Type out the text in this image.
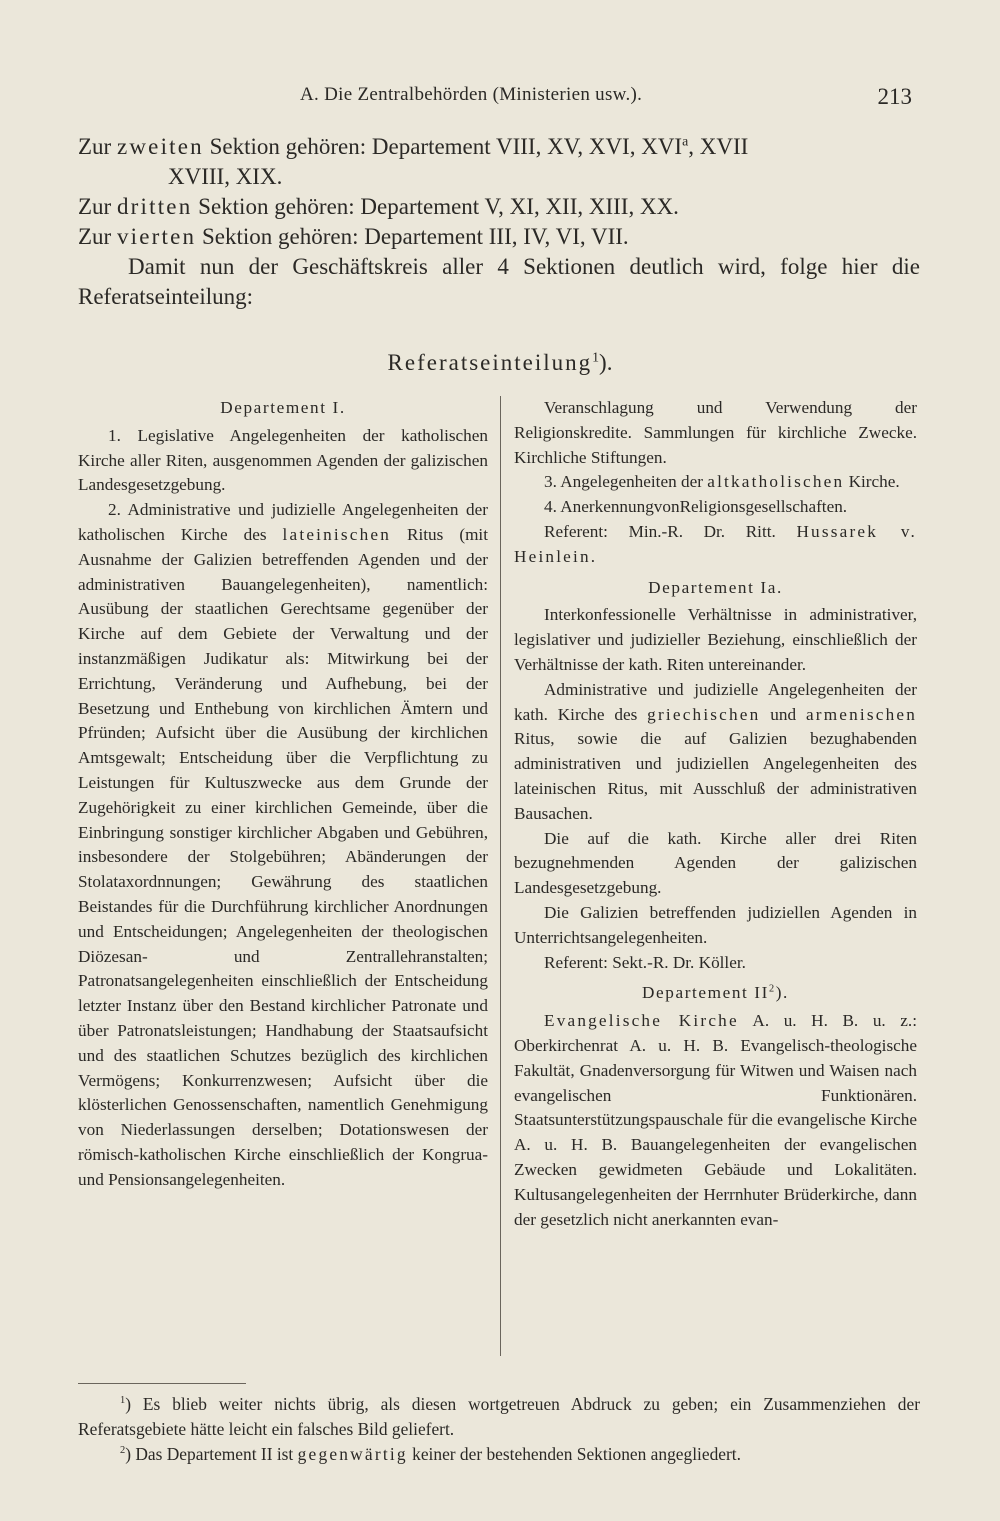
A. Die Zentralbehörden (Ministerien usw.).	213

Zur zweiten Sektion gehören: Departement VIII, XV, XVI, XVI$^a$, XVII

XVIII, XIX.

Zur dritten Sektion gehören: Departement V, XI, XII, XIII, XX.

Zur vierten Sektion gehören: Departement III, IV, VI, VII.

Damit nun der Geschäftskreis aller 4 Sektionen deutlich wird, folge hier die Referatseinteilung:

Referatseinteilung$^1$).

Departement I.

1. Legislative Angelegenheiten der katholischen Kirche aller Riten, ausgenommen Agenden der galizischen Landesgesetzgebung.

2. Administrative und judizielle Angelegenheiten der katholischen Kirche des lateinischen Ritus (mit Ausnahme der Galizien betreffenden Agenden und der administrativen Bauangelegenheiten), namentlich: Ausübung der staatlichen Gerechtsame gegenüber der Kirche auf dem Gebiete der Verwaltung und der instanzmäßigen Judikatur als: Mitwirkung bei der Errichtung, Veränderung und Aufhebung, bei der Besetzung und Enthebung von kirchlichen Ämtern und Pfründen; Aufsicht über die Ausübung der kirchlichen Amtsgewalt; Entscheidung über die Verpflichtung zu Leistungen für Kultuszwecke aus dem Grunde der Zugehörigkeit zu einer kirchlichen Gemeinde, über die Einbringung sonstiger kirchlicher Abgaben und Gebühren, insbesondere der Stolgebühren; Abänderungen der Stolataxordnnungen; Gewährung des staatlichen Beistandes für die Durchführung kirchlicher Anordnungen und Entscheidungen; Angelegenheiten der theologischen Diözesan- und Zentrallehranstalten; Patronatsangelegenheiten einschließlich der Entscheidung letzter Instanz über den Bestand kirchlicher Patronate und über Patronatsleistungen; Handhabung der Staatsaufsicht und des staatlichen Schutzes bezüglich des kirchlichen Vermögens; Konkurrenzwesen; Aufsicht über die klösterlichen Genossenschaften, namentlich Genehmigung von Niederlassungen derselben; Dotationswesen der römisch-katholischen Kirche einschließlich der Kongrua- und Pensionsangelegenheiten.

Veranschlagung und Verwendung der Religionskredite. Sammlungen für kirchliche Zwecke. Kirchliche Stiftungen.

3. Angelegenheiten der altkatholischen Kirche.

4. AnerkennungvonReligionsgesellschaften.

Referent: Min.-R. Dr. Ritt. Hussarek v. Heinlein.

Departement Ia.

Interkonfessionelle Verhältnisse in administrativer, legislativer und judizieller Beziehung, einschließlich der Verhältnisse der kath. Riten untereinander.

Administrative und judizielle Angelegenheiten der kath. Kirche des griechischen und armenischen Ritus, sowie die auf Galizien bezughabenden administrativen und judiziellen Angelegenheiten des lateinischen Ritus, mit Ausschluß der administrativen Bausachen.

Die auf die kath. Kirche aller drei Riten bezugnehmenden Agenden der galizischen Landesgesetzgebung.

Die Galizien betreffenden judiziellen Agenden in Unterrichtsangelegenheiten.

Referent: Sekt.-R. Dr. Köller.

Departement $II^2$).

Evangelische Kirche A. u. H. B. u. z.: Oberkirchenrat A. u. H. B. Evangelisch-theologische Fakultät, Gnadenversorgung für Witwen und Waisen nach evangelischen Funktionären. Staatsunterstützungspauschale für die evangelische Kirche A. u. H. B. Bauangelegenheiten der evangelischen Zwecken gewidmeten Gebäude und Lokalitäten. Kultusangelegenheiten der Herrnhuter Brüderkirche, dann der gesetzlich nicht anerkannten evan-

$^1$) Es blieb weiter nichts übrig, als diesen wortgetreuen Abdruck zu geben; ein Zusammenziehen der Referatsgebiete hätte leicht ein falsches Bild geliefert.

$^2$) Das Departement II ist gegenwärtig keiner der bestehenden Sektionen angegliedert.
